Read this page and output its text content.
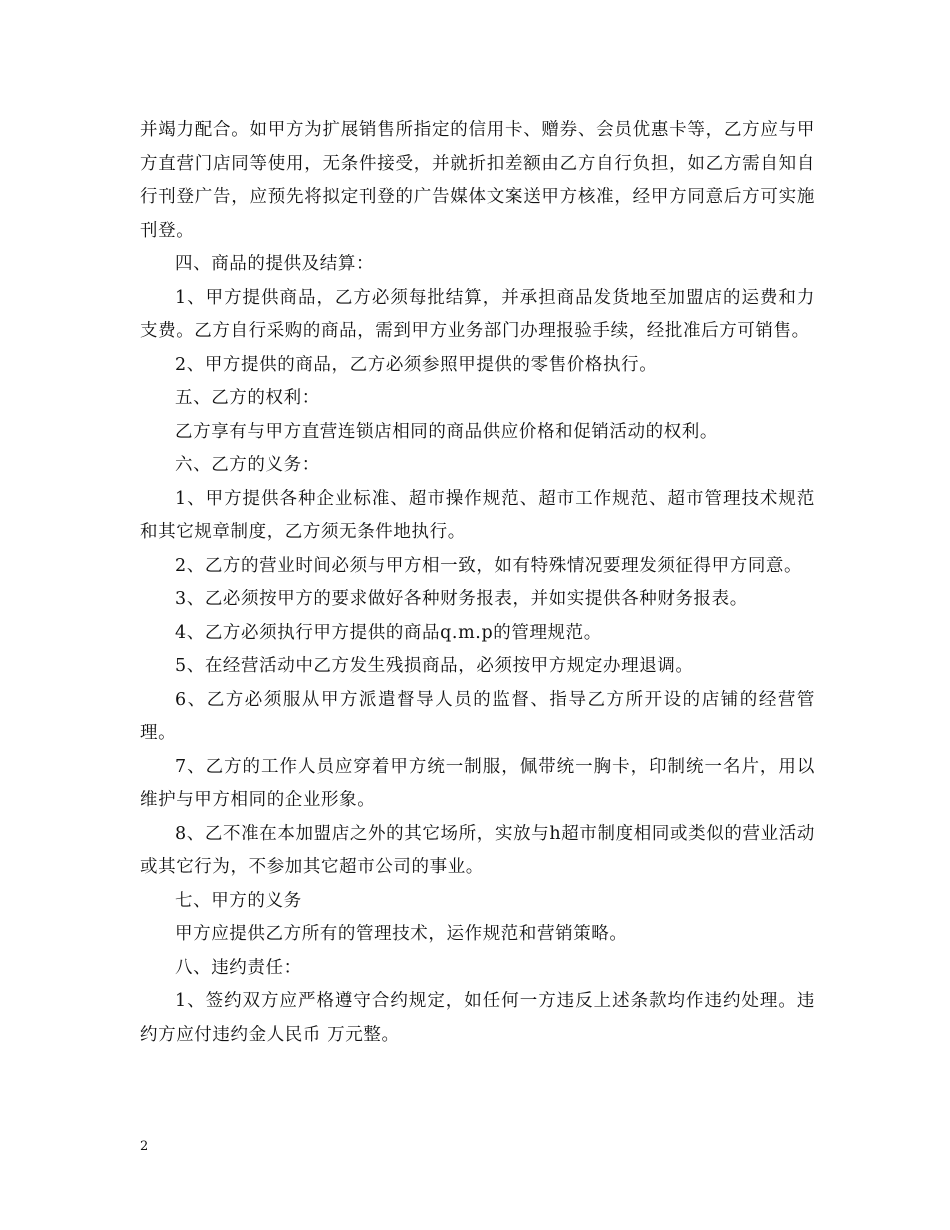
并竭力配合。如甲方为扩展销售所指定的信用卡、赠券、会员优惠卡等，乙方应与甲方直营门店同等使用，无条件接受，并就折扣差额由乙方自行负担，如乙方需自知自行刊登广告，应预先将拟定刊登的广告媒体文案送甲方核准，经甲方同意后方可实施刊登。

四、商品的提供及结算：

1、甲方提供商品，乙方必须每批结算，并承担商品发货地至加盟店的运费和力支费。乙方自行采购的商品，需到甲方业务部门办理报验手续，经批准后方可销售。

2、甲方提供的商品，乙方必须参照甲提供的零售价格执行。

五、乙方的权利：

乙方享有与甲方直营连锁店相同的商品供应价格和促销活动的权利。

六、乙方的义务：

1、甲方提供各种企业标准、超市操作规范、超市工作规范、超市管理技术规范和其它规章制度，乙方须无条件地执行。

2、乙方的营业时间必须与甲方相一致，如有特殊情况要理发须征得甲方同意。

3、乙必须按甲方的要求做好各种财务报表，并如实提供各种财务报表。

4、乙方必须执行甲方提供的商品q.m.p的管理规范。

5、在经营活动中乙方发生残损商品，必须按甲方规定办理退调。

6、乙方必须服从甲方派遣督导人员的监督、指导乙方所开设的店铺的经营管理。

7、乙方的工作人员应穿着甲方统一制服，佩带统一胸卡，印制统一名片，用以维护与甲方相同的企业形象。

8、乙不准在本加盟店之外的其它场所，实放与h超市制度相同或类似的营业活动或其它行为，不参加其它超市公司的事业。

七、甲方的义务

甲方应提供乙方所有的管理技术，运作规范和营销策略。

八、违约责任：

1、签约双方应严格遵守合约规定，如任何一方违反上述条款均作违约处理。违约方应付违约金人民币 万元整。

2
